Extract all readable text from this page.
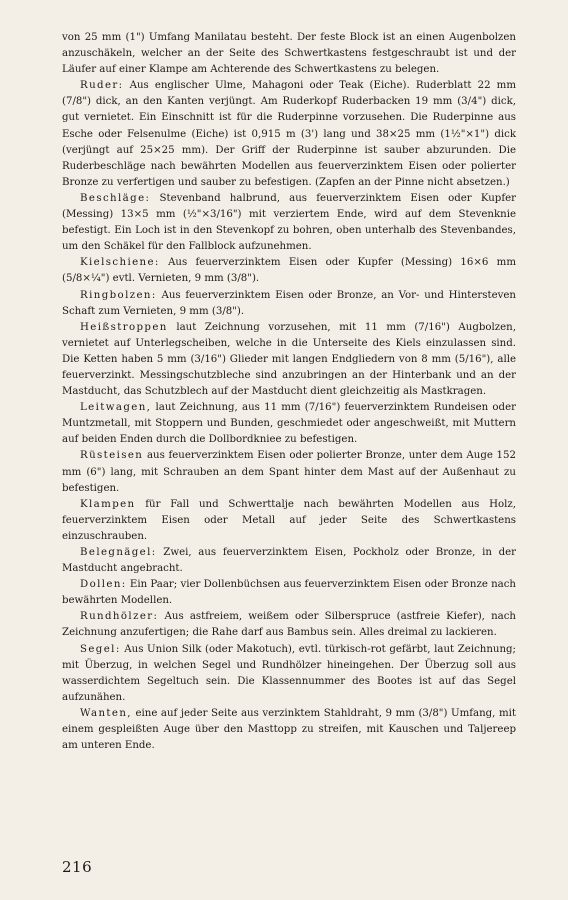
von 25 mm (1") Umfang Manilatau besteht. Der feste Block ist an einen Augenbolzen anzuschäkeln, welcher an der Seite des Schwertkastens festgeschraubt ist und der Läufer auf einer Klampe am Achterende des Schwertkastens zu belegen.

Ruder: Aus englischer Ulme, Mahagoni oder Teak (Eiche). Ruderblatt 22 mm (7/8") dick, an den Kanten verjüngt. Am Ruderkopf Ruderbacken 19 mm (3/4") dick, gut vernietet. Ein Einschnitt ist für die Ruderpinne vorzusehen. Die Ruderpinne aus Esche oder Felsenulme (Eiche) ist 0,915 m (3') lang und 38×25 mm (1½"×1") dick (verjüngt auf 25×25 mm). Der Griff der Ruderpinne ist sauber abzurunden. Die Ruderbeschläge nach bewährten Modellen aus feuerverzinktem Eisen oder polierter Bronze zu verfertigen und sauber zu befestigen. (Zapfen an der Pinne nicht absetzen.)

Beschläge: Stevenband halbrund, aus feuerverzinktem Eisen oder Kupfer (Messing) 13×5 mm (½"×3/16") mit verziertem Ende, wird auf dem Stevenknie befestigt. Ein Loch ist in den Stevenkopf zu bohren, oben unterhalb des Stevenbandes, um den Schäkel für den Fallblock aufzunehmen.

Kielschiene: Aus feuerverzinktem Eisen oder Kupfer (Messing) 16×6 mm (5/8×¼") evtl. Vernieten, 9 mm (3/8").

Ringbolzen: Aus feuerverzinktem Eisen oder Bronze, an Vor- und Hintersteven Schaft zum Vernieten, 9 mm (3/8").

Heißstroppen laut Zeichnung vorzusehen, mit 11 mm (7/16") Augbolzen, vernietet auf Unterlegscheiben, welche in die Unterseite des Kiels einzulassen sind. Die Ketten haben 5 mm (3/16") Glieder mit langen Endgliedern von 8 mm (5/16"), alle feuerverzinkt. Messingschutzbleche sind anzubringen an der Hinterbank und an der Mastducht, das Schutzblech auf der Mastducht dient gleichzeitig als Mastkragen.

Leitwagen, laut Zeichnung, aus 11 mm (7/16") feuerverzinktem Rundeisen oder Muntzmetall, mit Stoppern und Bunden, geschmiedet oder angeschweißt, mit Muttern auf beiden Enden durch die Dollbordkniee zu befestigen.

Rüsteisen aus feuerverzinktem Eisen oder polierter Bronze, unter dem Auge 152 mm (6") lang, mit Schrauben an dem Spant hinter dem Mast auf der Außenhaut zu befestigen.

Klampen für Fall und Schwerttalje nach bewährten Modellen aus Holz, feuerverzinktem Eisen oder Metall auf jeder Seite des Schwertkastens einzuschrauben.

Belegnägel: Zwei, aus feuerverzinktem Eisen, Pockholz oder Bronze, in der Mastducht angebracht.

Dollen: Ein Paar; vier Dollenbüchsen aus feuerverzinktem Eisen oder Bronze nach bewährten Modellen.

Rundhölzer: Aus astfreiem, weißem oder Silberspruce (astfreie Kiefer), nach Zeichnung anzufertigen; die Rahe darf aus Bambus sein. Alles dreimal zu lackieren.

Segel: Aus Union Silk (oder Makotuch), evtl. türkisch-rot gefärbt, laut Zeichnung; mit Überzug, in welchen Segel und Rundhölzer hineingehen. Der Überzug soll aus wasserdichtem Segeltuch sein. Die Klassennummer des Bootes ist auf das Segel aufzunähen.

Wanten, eine auf jeder Seite aus verzinktem Stahldraht, 9 mm (3/8") Umfang, mit einem gespleißten Auge über den Masttopp zu streifen, mit Kauschen und Taljereep am unteren Ende.

216
